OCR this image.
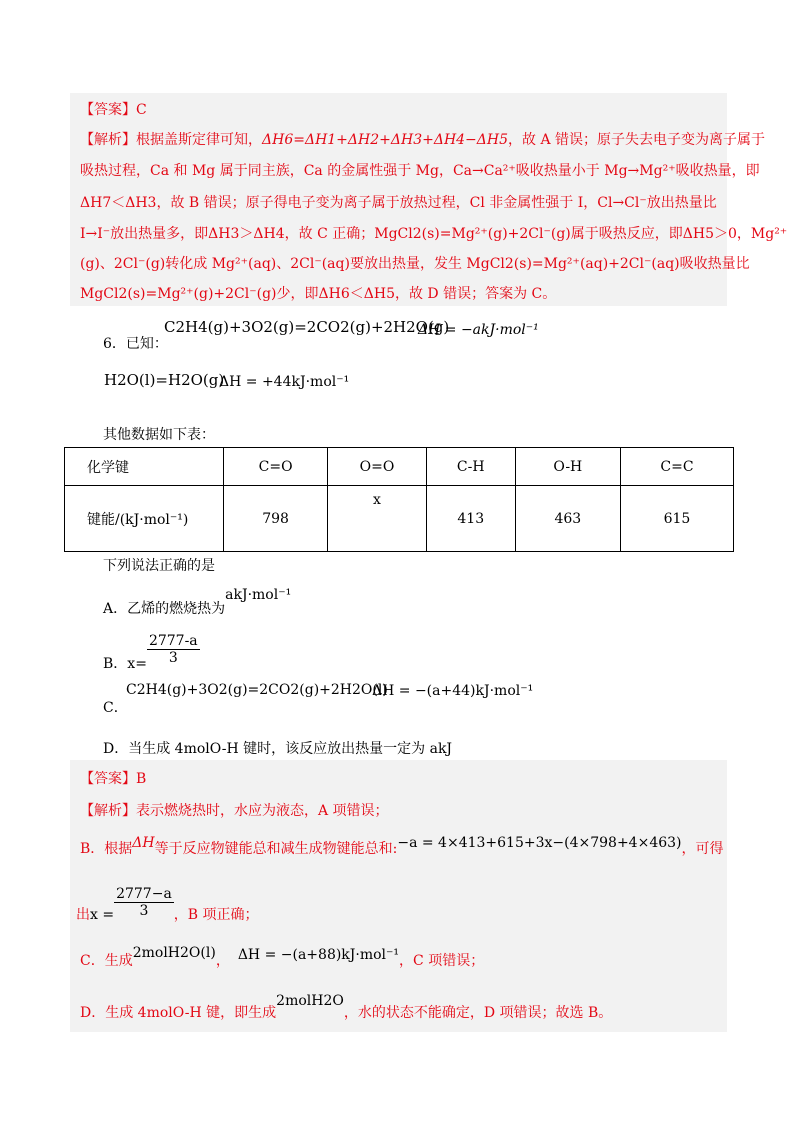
【答案】C
【解析】根据盖斯定律可知，ΔH6=ΔH1+ΔH2+ΔH3+ΔH4−ΔH5，故 A 错误；原子失去电子变为离子属于
吸热过程，Ca 和 Mg 属于同主族，Ca 的金属性强于 Mg，Ca→Ca²⁺吸收热量小于 Mg→Mg²⁺吸收热量，即
ΔH7＜ΔH3，故 B 错误；原子得电子变为离子属于放热过程，Cl 非金属性强于 I，Cl→Cl⁻放出热量比
I→I⁻放出热量多，即ΔH3＞ΔH4，故 C 正确；MgCl2(s)=Mg²⁺(g)+2Cl⁻(g)属于吸热反应，即ΔH5＞0，Mg²⁺
(g)、2Cl⁻(g)转化成 Mg²⁺(aq)、2Cl⁻(aq)要放出热量，发生 MgCl2(s)=Mg²⁺(aq)+2Cl⁻(aq)吸收热量比
MgCl2(s)=Mg²⁺(g)+2Cl⁻(g)少，即ΔH6＜ΔH5，故 D 错误；答案为 C。
6．已知：
C2H4(g)+3O2(g)=2CO2(g)+2H2O(g)
ΔH = −akJ·mol⁻¹
H2O(l)=H2O(g)
ΔH = +44kJ·mol⁻¹
其他数据如下表：
化学键	C=O	O=O	C-H	O-H	C=C
键能/(kJ·mol⁻¹)	798	x	413	463	615
下列说法正确的是
A．乙烯的燃烧热为akJ·mol⁻¹
B．$x= \frac{2777-a}{3}$
C．
C2H4(g)+3O2(g)=2CO2(g)+2H2O(l)
ΔH = −(a+44)kJ·mol⁻¹
D．当生成 4molO-H 键时，该反应放出热量一定为 akJ
【答案】B
【解析】表示燃烧热时，水应为液态，A 项错误；
B．根据ΔH等于反应物键能总和减生成物键能总和:−a = 4×413+615+3x−(4×798+4×463)，可得
出$x = \frac{2777-a}{3}$ ，B 项正确；
C．生成2molH2O(l)， ΔH = −(a+88)kJ·mol⁻¹，C 项错误；
D．生成 4molO-H 键，即生成2molH2O，水的状态不能确定，D 项错误；故选 B。
